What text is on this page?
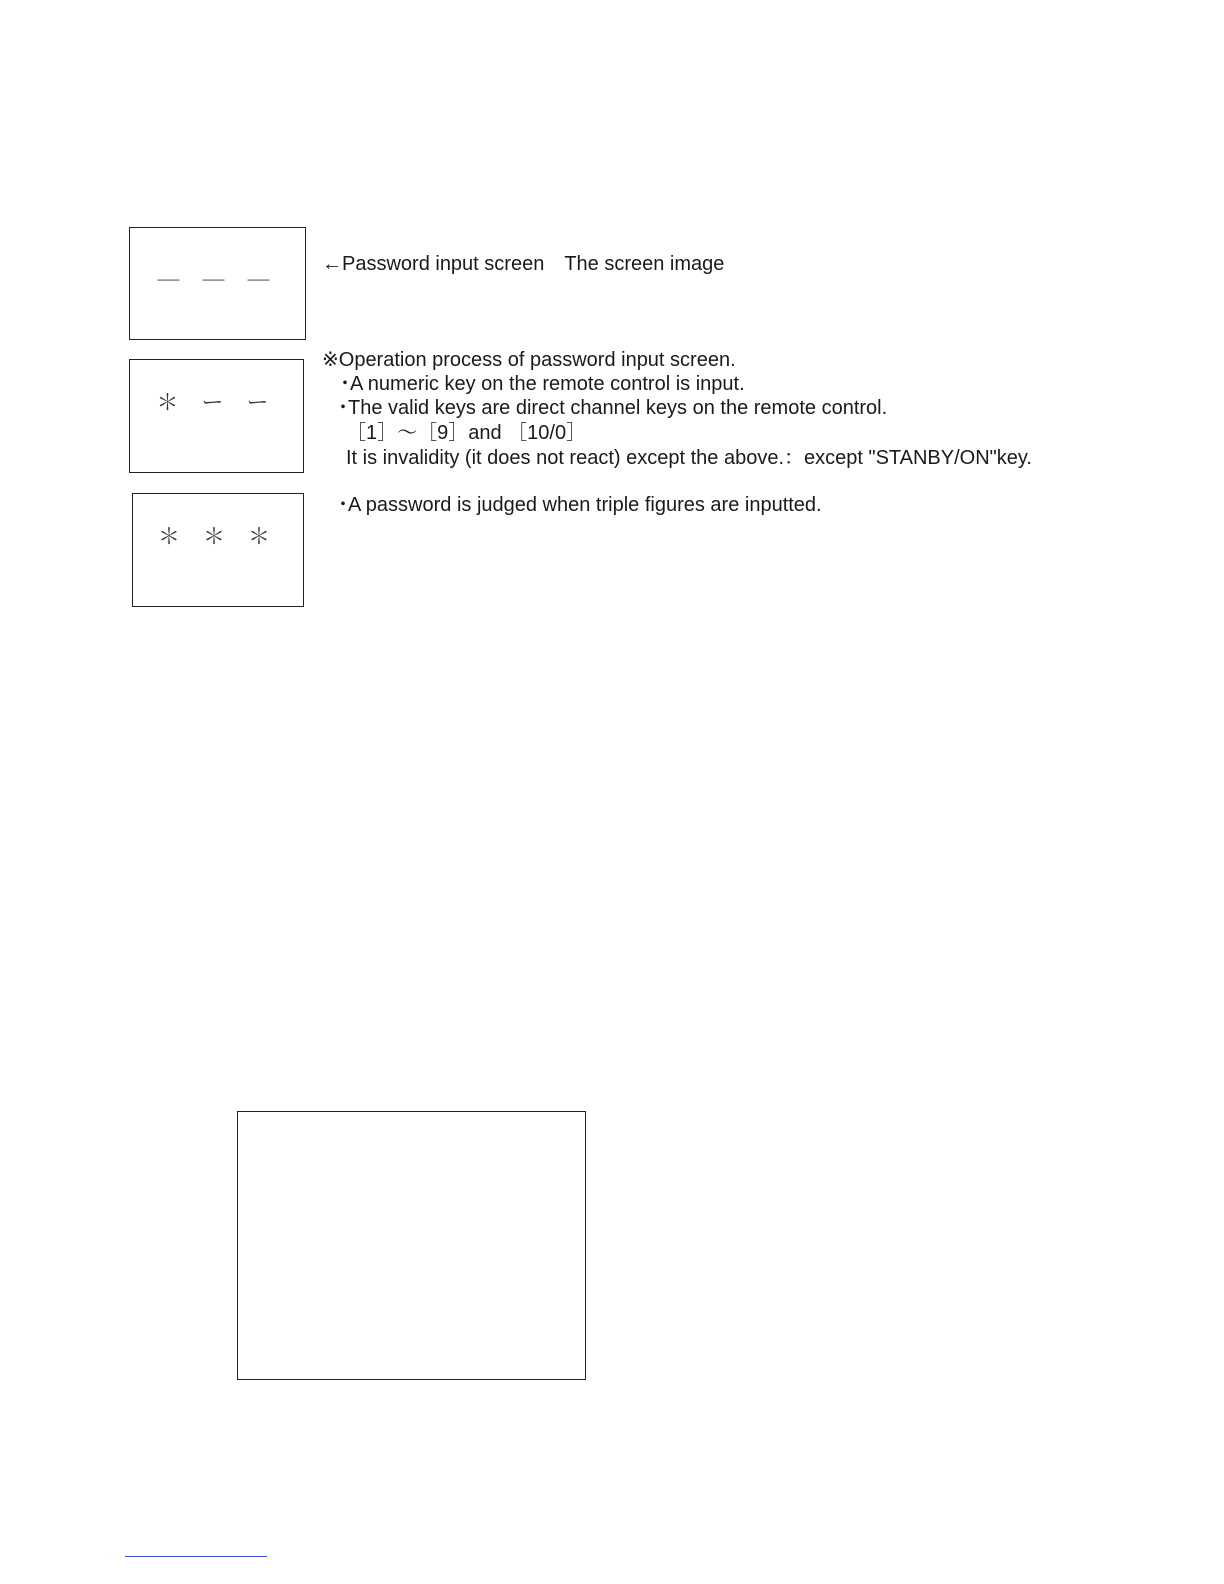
＿ ＿ ＿
＊ ー ー
＊ ＊ ＊
←Password input screen　The screen image
※Operation process of password input screen.
･A numeric key on the remote control is input.
･The valid keys are direct channel keys on the remote control.
［1］～［9］and ［10/0］
It is invalidity (it does not react) except the above.：except "STANBY/ON"key.
･A password is judged when triple figures are inputted.
